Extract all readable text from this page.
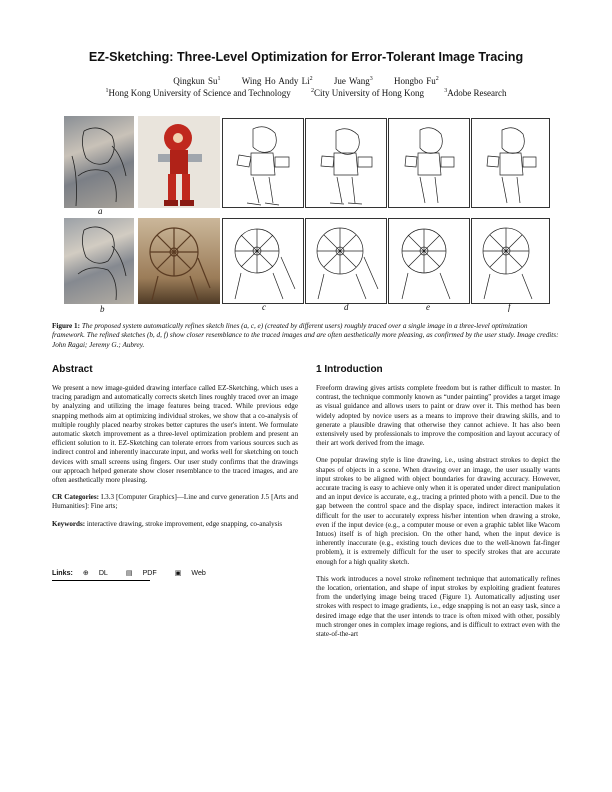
EZ-Sketching: Three-Level Optimization for Error-Tolerant Image Tracing
Qingkun Su$^1$ Wing Ho Andy Li$^2$ Jue Wang$^3$ Hongbo Fu$^2$
$^1$Hong Kong University of Science and Technology	$^2$City University of Hong Kong	$^3$Adobe Research
a
b	c	d	e	f
Figure 1: The proposed system automatically refines sketch lines (a, c, e) (created by different users) roughly traced over a single image in a three-level optimization framework. The refined sketches (b, d, f) show closer resemblance to the traced images and are often aesthetically more pleasing, as confirmed by the user study. Image credits: John Ragai; Jeremy G.; Aubrey.
Abstract

We present a new image-guided drawing interface called EZ-Sketching, which uses a tracing paradigm and automatically corrects sketch lines roughly traced over an image by analyzing and utilizing the image features being traced. While previous edge snapping methods aim at optimizing individual strokes, we show that a co-analysis of multiple roughly placed nearby strokes better captures the user's intent. We formulate automatic sketch improvement as a three-level optimization problem and present an efficient solution to it. EZ-Sketching can tolerate errors from various sources such as indirect control and inherently inaccurate input, and works well for sketching on touch devices with small screens using fingers. Our user study confirms that the drawings our approach helped generate show closer resemblance to the traced images, and are often aesthetically more pleasing.

CR Categories: I.3.3 [Computer Graphics]—Line and curve generation J.5 [Arts and Humanities]: Fine arts;

Keywords: interactive drawing, stroke improvement, edge snapping, co-analysis

Links: ⊕ DL	▤ PDF	▣ Web
1 Introduction

Freeform drawing gives artists complete freedom but is rather difficult to master. In contrast, the technique commonly known as “under painting” provides a target image as visual guidance and allows users to paint or draw over it. This method has been widely adopted by novice users as a means to improve their drawing skills, and to generate a plausible drawing that otherwise they cannot achieve. It has also been extensively used by professionals to improve the composition and layout accuracy of their art work derived from the image.

One popular drawing style is line drawing, i.e., using abstract strokes to depict the shapes of objects in a scene. When drawing over an image, the user usually wants input strokes to be aligned with object boundaries for drawing accuracy. However, accurate tracing is easy to achieve only when it is operated under direct manipulation and an input device is accurate, e.g., tracing a printed photo with a pencil. Due to the gap between the control space and the display space, indirect interaction makes it difficult for the user to accurately express his/her intention when drawing a stroke, even if the input device (e.g., a computer mouse or even a graphic tablet like Wacom Intuos) itself is of high precision. On the other hand, when the input device is inherently inaccurate (e.g., existing touch devices due to the well-known fat-finger problem), it is extremely difficult for the user to specify strokes that are accurate enough for a high quality sketch.

This work introduces a novel stroke refinement technique that automatically refines the location, orientation, and shape of input strokes by exploiting gradient features from the underlying image being traced (Figure 1). Automatically adjusting user strokes with respect to image gradients, i.e., edge snapping is not an easy task, since a desired image edge that the user intends to trace is often mixed with other, possibly much stronger ones in complex image regions, and is difficult to extract even with the state-of-the-art
